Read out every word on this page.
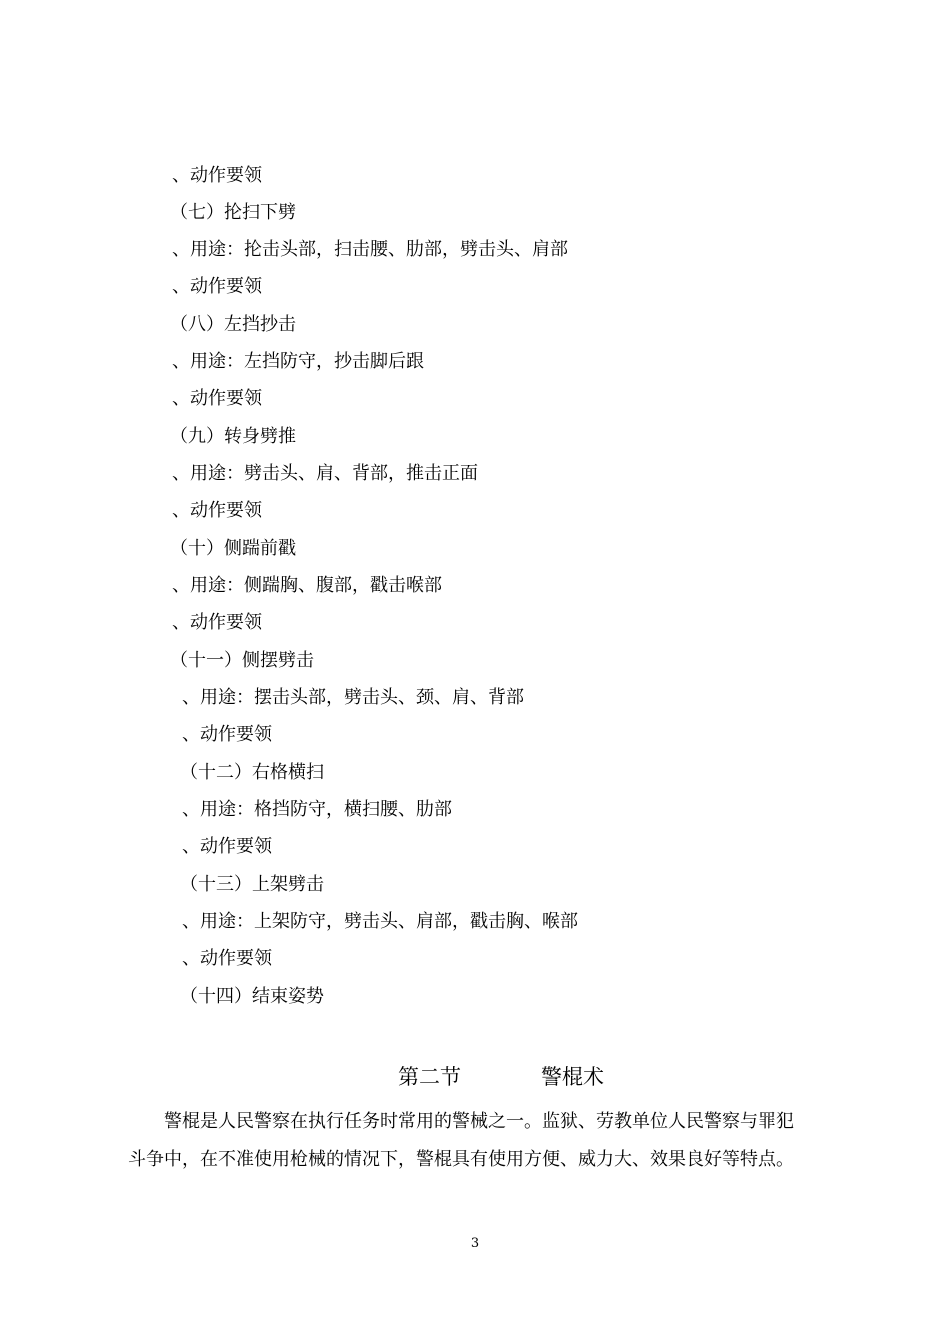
、动作要领
（七）抡扫下劈
、用途：抡击头部，扫击腰、肋部，劈击头、肩部
、动作要领
（八）左挡抄击
、用途：左挡防守，抄击脚后跟
、动作要领
（九）转身劈推
、用途：劈击头、肩、背部，推击正面
、动作要领
（十）侧踹前戳
、用途：侧踹胸、腹部，戳击喉部
、动作要领
（十一）侧摆劈击
、用途：摆击头部，劈击头、颈、肩、背部
、动作要领
（十二）右格横扫
、用途：格挡防守，横扫腰、肋部
、动作要领
（十三）上架劈击
、用途：上架防守，劈击头、肩部，戳击胸、喉部
、动作要领
（十四）结束姿势
第二节	警棍术
警棍是人民警察在执行任务时常用的警械之一。监狱、劳教单位人民警察与罪犯
斗争中，在不准使用枪械的情况下，警棍具有使用方便、威力大、效果良好等特点。
3
